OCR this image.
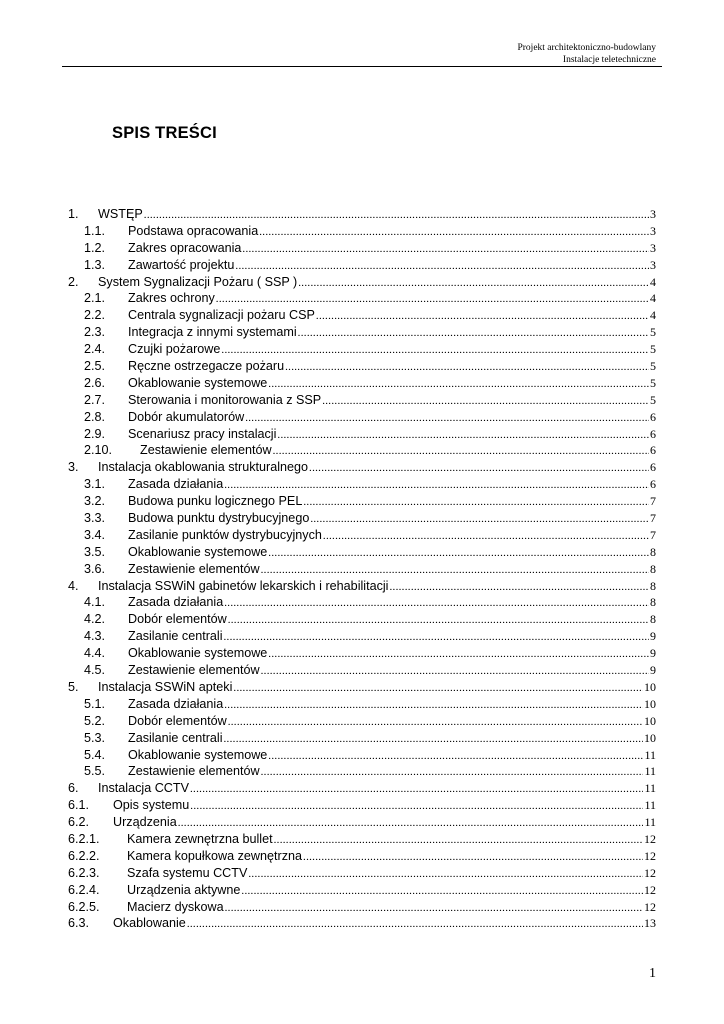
Projekt architektoniczno-budowlany
Instalacje teletechniczne
SPIS TREŚCI
1.	WSTĘP .....	3
1.1.	Podstawa opracowania .....	3
1.2.	Zakres opracowania .....	3
1.3.	Zawartość projektu .....	3
2.	System Sygnalizacji Pożaru ( SSP ) .....	4
2.1.	Zakres ochrony .....	4
2.2.	Centrala sygnalizacji pożaru CSP .....	4
2.3.	Integracja z innymi systemami .....	5
2.4.	Czujki pożarowe .....	5
2.5.	Ręczne ostrzegacze pożaru .....	5
2.6.	Okablowanie systemowe .....	5
2.7.	Sterowania i monitorowania z SSP .....	5
2.8.	Dobór akumulatorów .....	6
2.9.	Scenariusz pracy instalacji .....	6
2.10.	Zestawienie elementów .....	6
3.	Instalacja okablowania strukturalnego .....	6
3.1.	Zasada działania .....	6
3.2.	Budowa punku logicznego PEL .....	7
3.3.	Budowa punktu dystrybucyjnego .....	7
3.4.	Zasilanie punktów dystrybucyjnych .....	7
3.5.	Okablowanie systemowe .....	8
3.6.	Zestawienie elementów .....	8
4.	Instalacja SSWiN gabinetów lekarskich i rehabilitacji .....	8
4.1.	Zasada działania .....	8
4.2.	Dobór elementów .....	8
4.3.	Zasilanie centrali .....	9
4.4.	Okablowanie systemowe .....	9
4.5.	Zestawienie elementów .....	9
5.	Instalacja SSWiN apteki .....	10
5.1.	Zasada działania .....	10
5.2.	Dobór elementów .....	10
5.3.	Zasilanie centrali .....	10
5.4.	Okablowanie systemowe .....	11
5.5.	Zestawienie elementów .....	11
6.	Instalacja CCTV .....	11
6.1.	Opis systemu .....	11
6.2.	Urządzenia .....	11
6.2.1.	Kamera zewnętrzna bullet .....	12
6.2.2.	Kamera kopułkowa zewnętrzna .....	12
6.2.3.	Szafa systemu CCTV .....	12
6.2.4.	Urządzenia aktywne .....	12
6.2.5.	Macierz dyskowa .....	12
6.3.	Okablowanie .....	13
1
